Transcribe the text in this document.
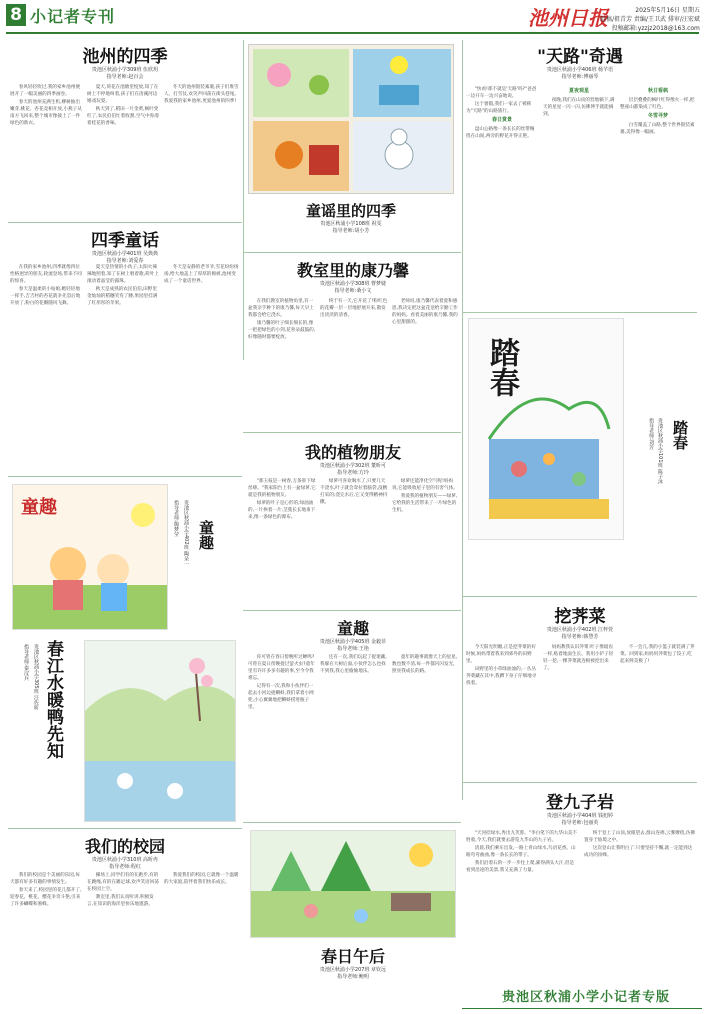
8 小记者专刊	池州日报	2025年5月16日 星期五
组稿/祖青芳 责编/王卫武 排审/汪宏斌
投稿邮箱:yzzjz2018@163.com
池州的四季
贵池区秋浦小学309班 伍欣玥
指导老师:赵百会

春风轻轻吹过,我的家乡池州便展开了一幅美丽的四季画卷。

春天的池州充满生机,柳树抽出嫩芽,桃花、杏花竞相开放,小燕子从南方飞回来,整个城市像披上了一件绿色的新衣。

夏天,荷花在池塘里绽放,知了在树上不停地叫着,孩子们在清溪河边嬉戏玩耍。

秋天到了,稻田一片金黄,枫叶变红了,农民伯伯忙着收割,空气中弥漫着桂花的香味。

冬天的池州银装素裹,孩子们堆雪人、打雪仗,欢笑声回荡在街头巷尾。我爱我的家乡池州,更爱池州的四季!

四季童话
贵池区秋浦小学401班 吴典典
指导老师:刘爱春

在我的家乡池州,四季就像四位性格迥异的朋友,轮流登场,带来不同的惊喜。

春天是温柔的小姑娘,她轻轻地一挥手,吉吉村的杏花就争先恐后地开放了,粉白的花瓣随风飞舞。

夏天是热情的小伙子,太阳火辣辣地照着,知了在树上唱着歌,荷叶上滚动着晶莹的露珠。

秋天是成熟的农民伯伯,田野里金灿灿的稻穗笑弯了腰,果园里挂满了红彤彤的苹果。

冬天是安静的老爷爷,雪花纷纷扬扬,给大地盖上了厚厚的棉被,池州变成了一个童话世界。

童谣里的四季
贵池区秋浦小学108班 祝雯
指导老师:胡小芳
教室里的康乃馨
贵池区秋浦小学308班 曹梦婕
指导老师:桑小文

在我们教室的植物角里,有一盆我亲手种下的康乃馨,每天早上我都会给它浇水。

康乃馨的叶子细长细长的,像一把把绿色的小剑,花骨朵鼓鼓的,好像随时都要绽放。

终于有一天,它开花了!粉红色的花瓣一层一层地舒展开来,散发出淡淡的清香。

老师说,康乃馨代表着爱和感恩,我决定把这盆花送给辛勤工作的妈妈。看着美丽的康乃馨,我的心里甜甜的。

"天路"奇遇
贵池区秋浦小学406班 杨芊语
指导老师:傅丽琴

"快看!那不就是'天路'吗?"爸爸一边开车一边兴奋地说。

这个暑假,我们一家去了被称为"天路"的山路旅行。

春日赏景

盘山公路像一条长长的丝带缠绕在山间,两旁的野花开得正艳。

夏夜观星

夜晚,我们在山顶的营地躺下,满天的星星一闪一闪,仿佛伸手就能摘到。

秋日看枫

层层叠叠的枫叶红得像火一样,把整座山都染成了红色。

冬雪寻梦

白雪覆盖了山路,整个世界银装素裹,美得像一幅画。

踏春
踏春
贵池区秋浦小学101班 陈子沐
指导老师:刘芳
童趣
童趣
贵池区秋浦小学402班 陶朵一
指导老师:陶梦莹
春江水暖鸭先知
贵池区秋浦小学305班 汪佐昕
指导老师:秦汉兵
我的植物朋友
贵池区秋浦小学302班 董昕可
指导老师:方玲

"那玉枝是一树春,万条垂下绿丝绦。"我家阳台上有一盆绿萝,它就是我的植物朋友。

绿萝的叶子是心形的,绿油油的,一片挨着一片,茎蔓长长地垂下来,像一条绿色的瀑布。

绿萝可喜欢喝水了,只要几天不浇水,叶子就会耷拉着脑袋,没精打采的;浇完水后,它又变得精神抖擞。

绿萝还能净化空气呢!妈妈说,它能吸收屋子里的有害气体。

我爱我的植物朋友——绿萝,它给我的生活带来了一片绿色的生机。

童趣
贵池区秋浦小学405班 金毅菲
指导老师:王艳

你可曾在春日傍晚听过蝉鸣?可曾在夏日傍晚捉过萤火虫?童年里有许许多多有趣的事,至今令我难忘。

记得有一次,我和小伙伴们一起去小河边捉蝌蚪,我们拿着小网兜,小心翼翼地把蝌蚪捞进瓶子里。

还有一次,我们玩起了捉迷藏,我躲在大树后面,小伙伴怎么也找不到我,我心里偷偷地乐。

童年的趣事就像天上的星星,数也数不清,每一件都闪闪发光,照亮我成长的路。

挖荠菜
贵池区秋浦小学402班 江梓萱
指导老师:韩慧芳

今天阳光明媚,正是挖荠菜的好时候,妈妈带着我来到郊外的田野里。

田野里的小草绿油油的,一丛丛荠菜藏在其中,我蹲下身子仔细地寻找着。

妈妈教我认识荠菜:叶子像锯齿一样,贴着地面生长。我用小铲子轻轻一挖,一棵荠菜就连根被挖出来了。

不一会儿,我的小篮子就装满了荠菜。回到家,妈妈用荠菜包了饺子,吃起来鲜美极了!

登九子岩
贵池区秋浦小学404班 钱旭婷
指导老师:包丽英

"天河挂绿水,秀出九芙蓉。"李白笔下的九华山美不胜收,今天,我们就要去游览九华山的九子岩。

清晨,我们乘车出发,一路上青山绿水,鸟语花香。山路弯弯曲曲,像一条长长的带子。

我们沿着石阶一步一步往上爬,累得满头大汗,但是看到沿途的美景,我又充满了力量。

终于登上了山顶,放眼望去,群山连绵,云雾缭绕,仿佛置身于仙境之中。

这次登山让我明白了:只要坚持不懈,就一定能到达成功的顶峰。

我们的校园
贵池区秋浦小学310班 高昕冉
指导老师:程红

我们的校园是个美丽的乐园,每天都有好多有趣的事情发生。

春天来了,校园里的花儿都开了,迎春花、桃花、樱花争奇斗艳,引来了许多蝴蝶和蜜蜂。

操场上,同学们有的在跑步,有的在跳绳,有的在踢足球,欢声笑语回荡在校园上空。

教室里,我们认真听讲,积极发言,在知识的海洋里快乐地遨游。

我爱我们的校园,它就像一个温暖的大家庭,陪伴着我们快乐成长。

春日午后
贵池区秋浦小学207班 章钦远
指导老师:鲍明
贵池区秋浦小学小记者专版
